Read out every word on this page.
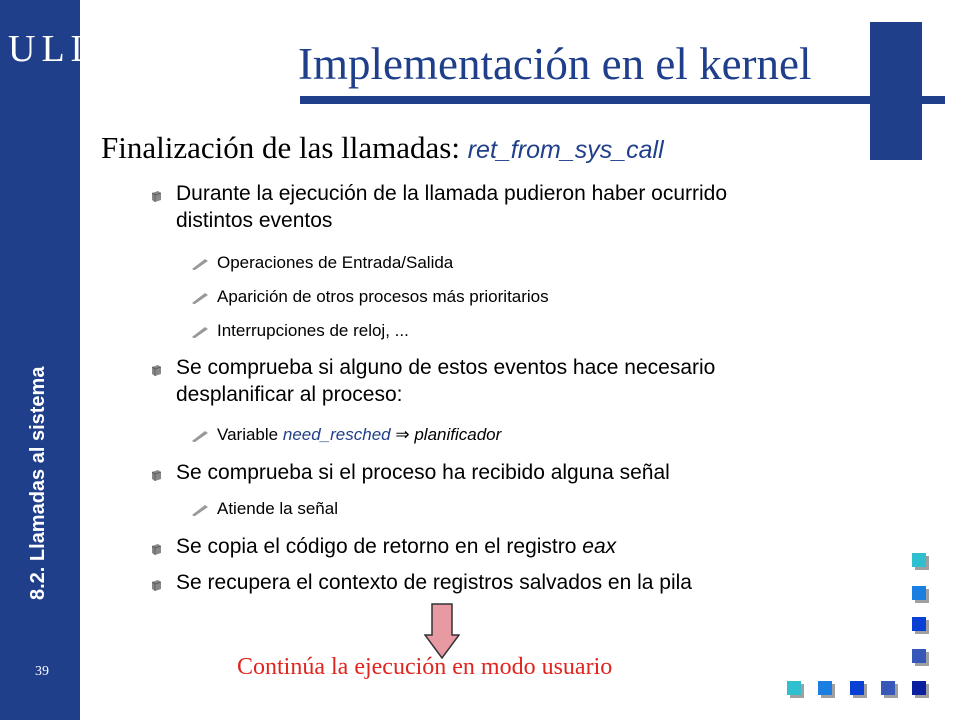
ULL
8.2. Llamadas al sistema
39
Implementación en el kernel
Finalización de las llamadas: ret_from_sys_call
Durante la ejecución de la llamada pudieron haber ocurrido
distintos eventos
Operaciones de Entrada/Salida
Aparición de otros procesos más prioritarios
Interrupciones de reloj, ...
Se comprueba si alguno de estos eventos hace necesario
desplanificar al proceso:
Variable need_resched ⇒ planificador
Se comprueba si el proceso ha recibido alguna señal
Atiende la señal
Se copia el código de retorno en el registro eax
Se recupera el contexto de registros salvados en la pila
Continúa la ejecución en modo usuario
